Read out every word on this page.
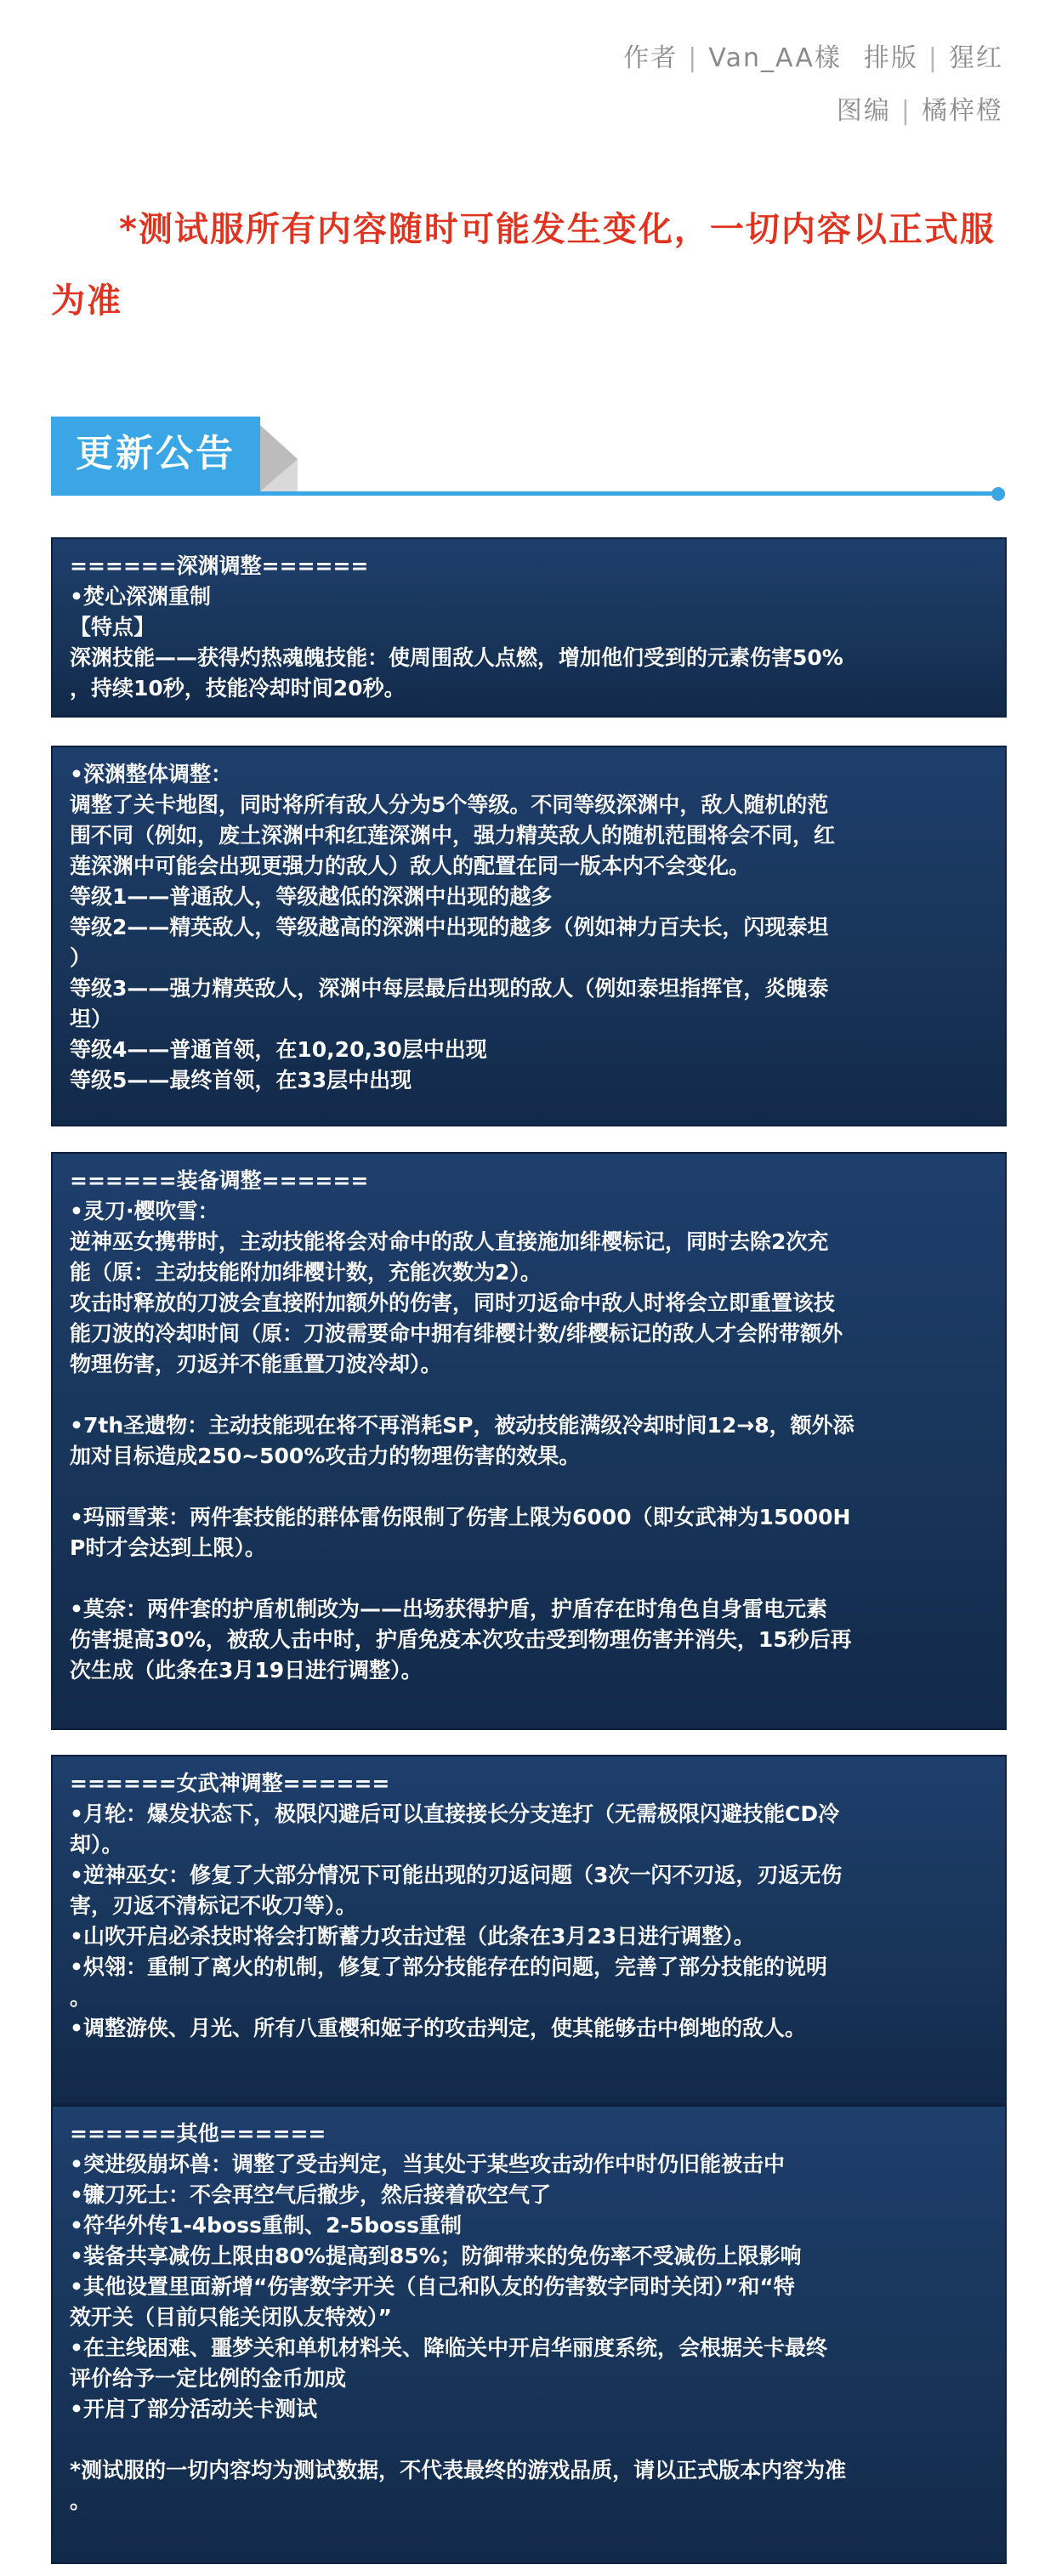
作者 | Van_AA樣 排版 | 猩红
图编 | 橘梓橙
*测试服所有内容随时可能发生变化，一切内容以正式服为准
更新公告
======深渊调整======
•焚心深渊重制
【特点】
深渊技能——获得灼热魂魄技能：使周围敌人点燃，增加他们受到的元素伤害50%
，持续10秒，技能冷却时间20秒。
•深渊整体调整：
调整了关卡地图，同时将所有敌人分为5个等级。不同等级深渊中，敌人随机的范
围不同（例如，废土深渊中和红莲深渊中，强力精英敌人的随机范围将会不同，红
莲深渊中可能会出现更强力的敌人）敌人的配置在同一版本内不会变化。
等级1——普通敌人，等级越低的深渊中出现的越多
等级2——精英敌人，等级越高的深渊中出现的越多（例如神力百夫长，闪现泰坦
）
等级3——强力精英敌人，深渊中每层最后出现的敌人（例如泰坦指挥官，炎魄泰
坦）
等级4——普通首领，在10,20,30层中出现
等级5——最终首领，在33层中出现
======装备调整======
•灵刀·樱吹雪：
逆神巫女携带时，主动技能将会对命中的敌人直接施加绯樱标记，同时去除2次充
能（原：主动技能附加绯樱计数，充能次数为2）。
攻击时释放的刀波会直接附加额外的伤害，同时刃返命中敌人时将会立即重置该技
能刀波的冷却时间（原：刀波需要命中拥有绯樱计数/绯樱标记的敌人才会附带额外
物理伤害，刃返并不能重置刀波冷却）。
•7th圣遗物：主动技能现在将不再消耗SP，被动技能满级冷却时间12→8，额外添
加对目标造成250~500%攻击力的物理伤害的效果。
•玛丽雪莱：两件套技能的群体雷伤限制了伤害上限为6000（即女武神为15000H
P时才会达到上限）。
•莫奈：两件套的护盾机制改为——出场获得护盾，护盾存在时角色自身雷电元素
伤害提高30%，被敌人击中时，护盾免疫本次攻击受到物理伤害并消失，15秒后再
次生成（此条在3月19日进行调整）。
======女武神调整======
•月轮：爆发状态下，极限闪避后可以直接接长分支连打（无需极限闪避技能CD冷
却）。
•逆神巫女：修复了大部分情况下可能出现的刃返问题（3次一闪不刃返，刃返无伤
害，刃返不清标记不收刀等）。
•山吹开启必杀技时将会打断蓄力攻击过程（此条在3月23日进行调整）。
•炽翎：重制了离火的机制，修复了部分技能存在的问题，完善了部分技能的说明
。
•调整游侠、月光、所有八重樱和姬子的攻击判定，使其能够击中倒地的敌人。
======其他======
•突进级崩坏兽：调整了受击判定，当其处于某些攻击动作中时仍旧能被击中
•镰刀死士：不会再空气后撤步，然后接着砍空气了
•符华外传1-4boss重制、2-5boss重制
•装备共享减伤上限由80%提高到85%；防御带来的免伤率不受减伤上限影响
•其他设置里面新增“伤害数字开关（自己和队友的伤害数字同时关闭）”和“特
效开关（目前只能关闭队友特效）”
•在主线困难、噩梦关和单机材料关、降临关中开启华丽度系统，会根据关卡最终
评价给予一定比例的金币加成
•开启了部分活动关卡测试
*测试服的一切内容均为测试数据，不代表最终的游戏品质，请以正式版本内容为准
。
